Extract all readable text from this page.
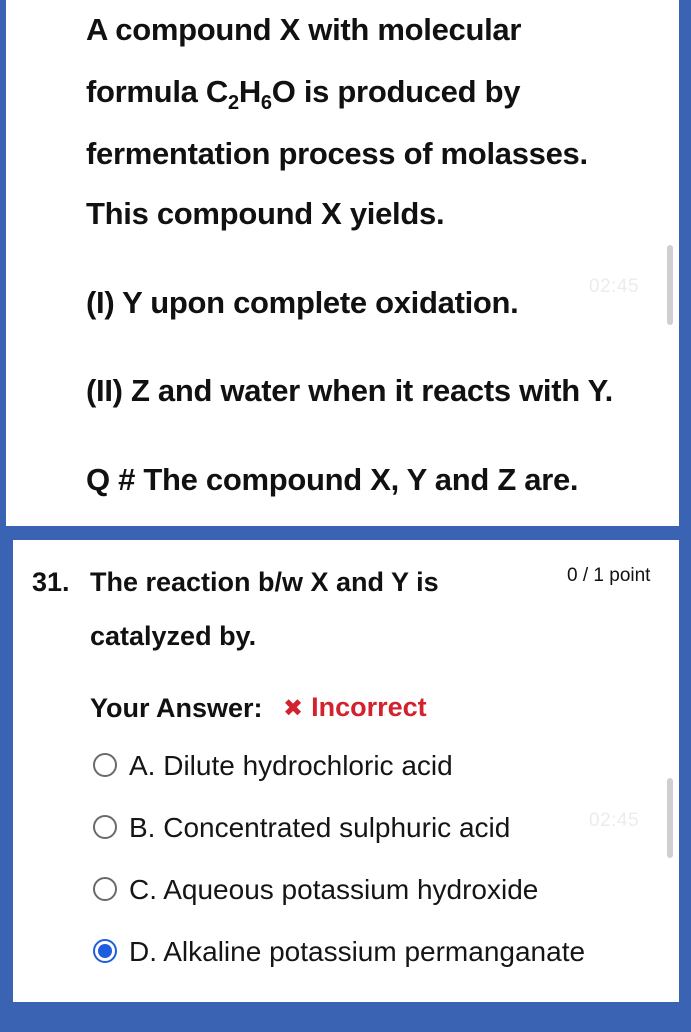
A compound X with molecular
formula $C_2H_6O$ is produced by
fermentation process of molasses.
This compound X yields.
(I) Y upon complete oxidation.
(II) Z and water when it reacts with Y.
Q # The compound X, Y and Z are.
02:45
31. The reaction b/w X and Y is
catalyzed by.
0 / 1 point
Your Answer: ✖ Incorrect
A. Dilute hydrochloric acid
B. Concentrated sulphuric acid
C. Aqueous potassium hydroxide
D. Alkaline potassium permanganate
02:45
